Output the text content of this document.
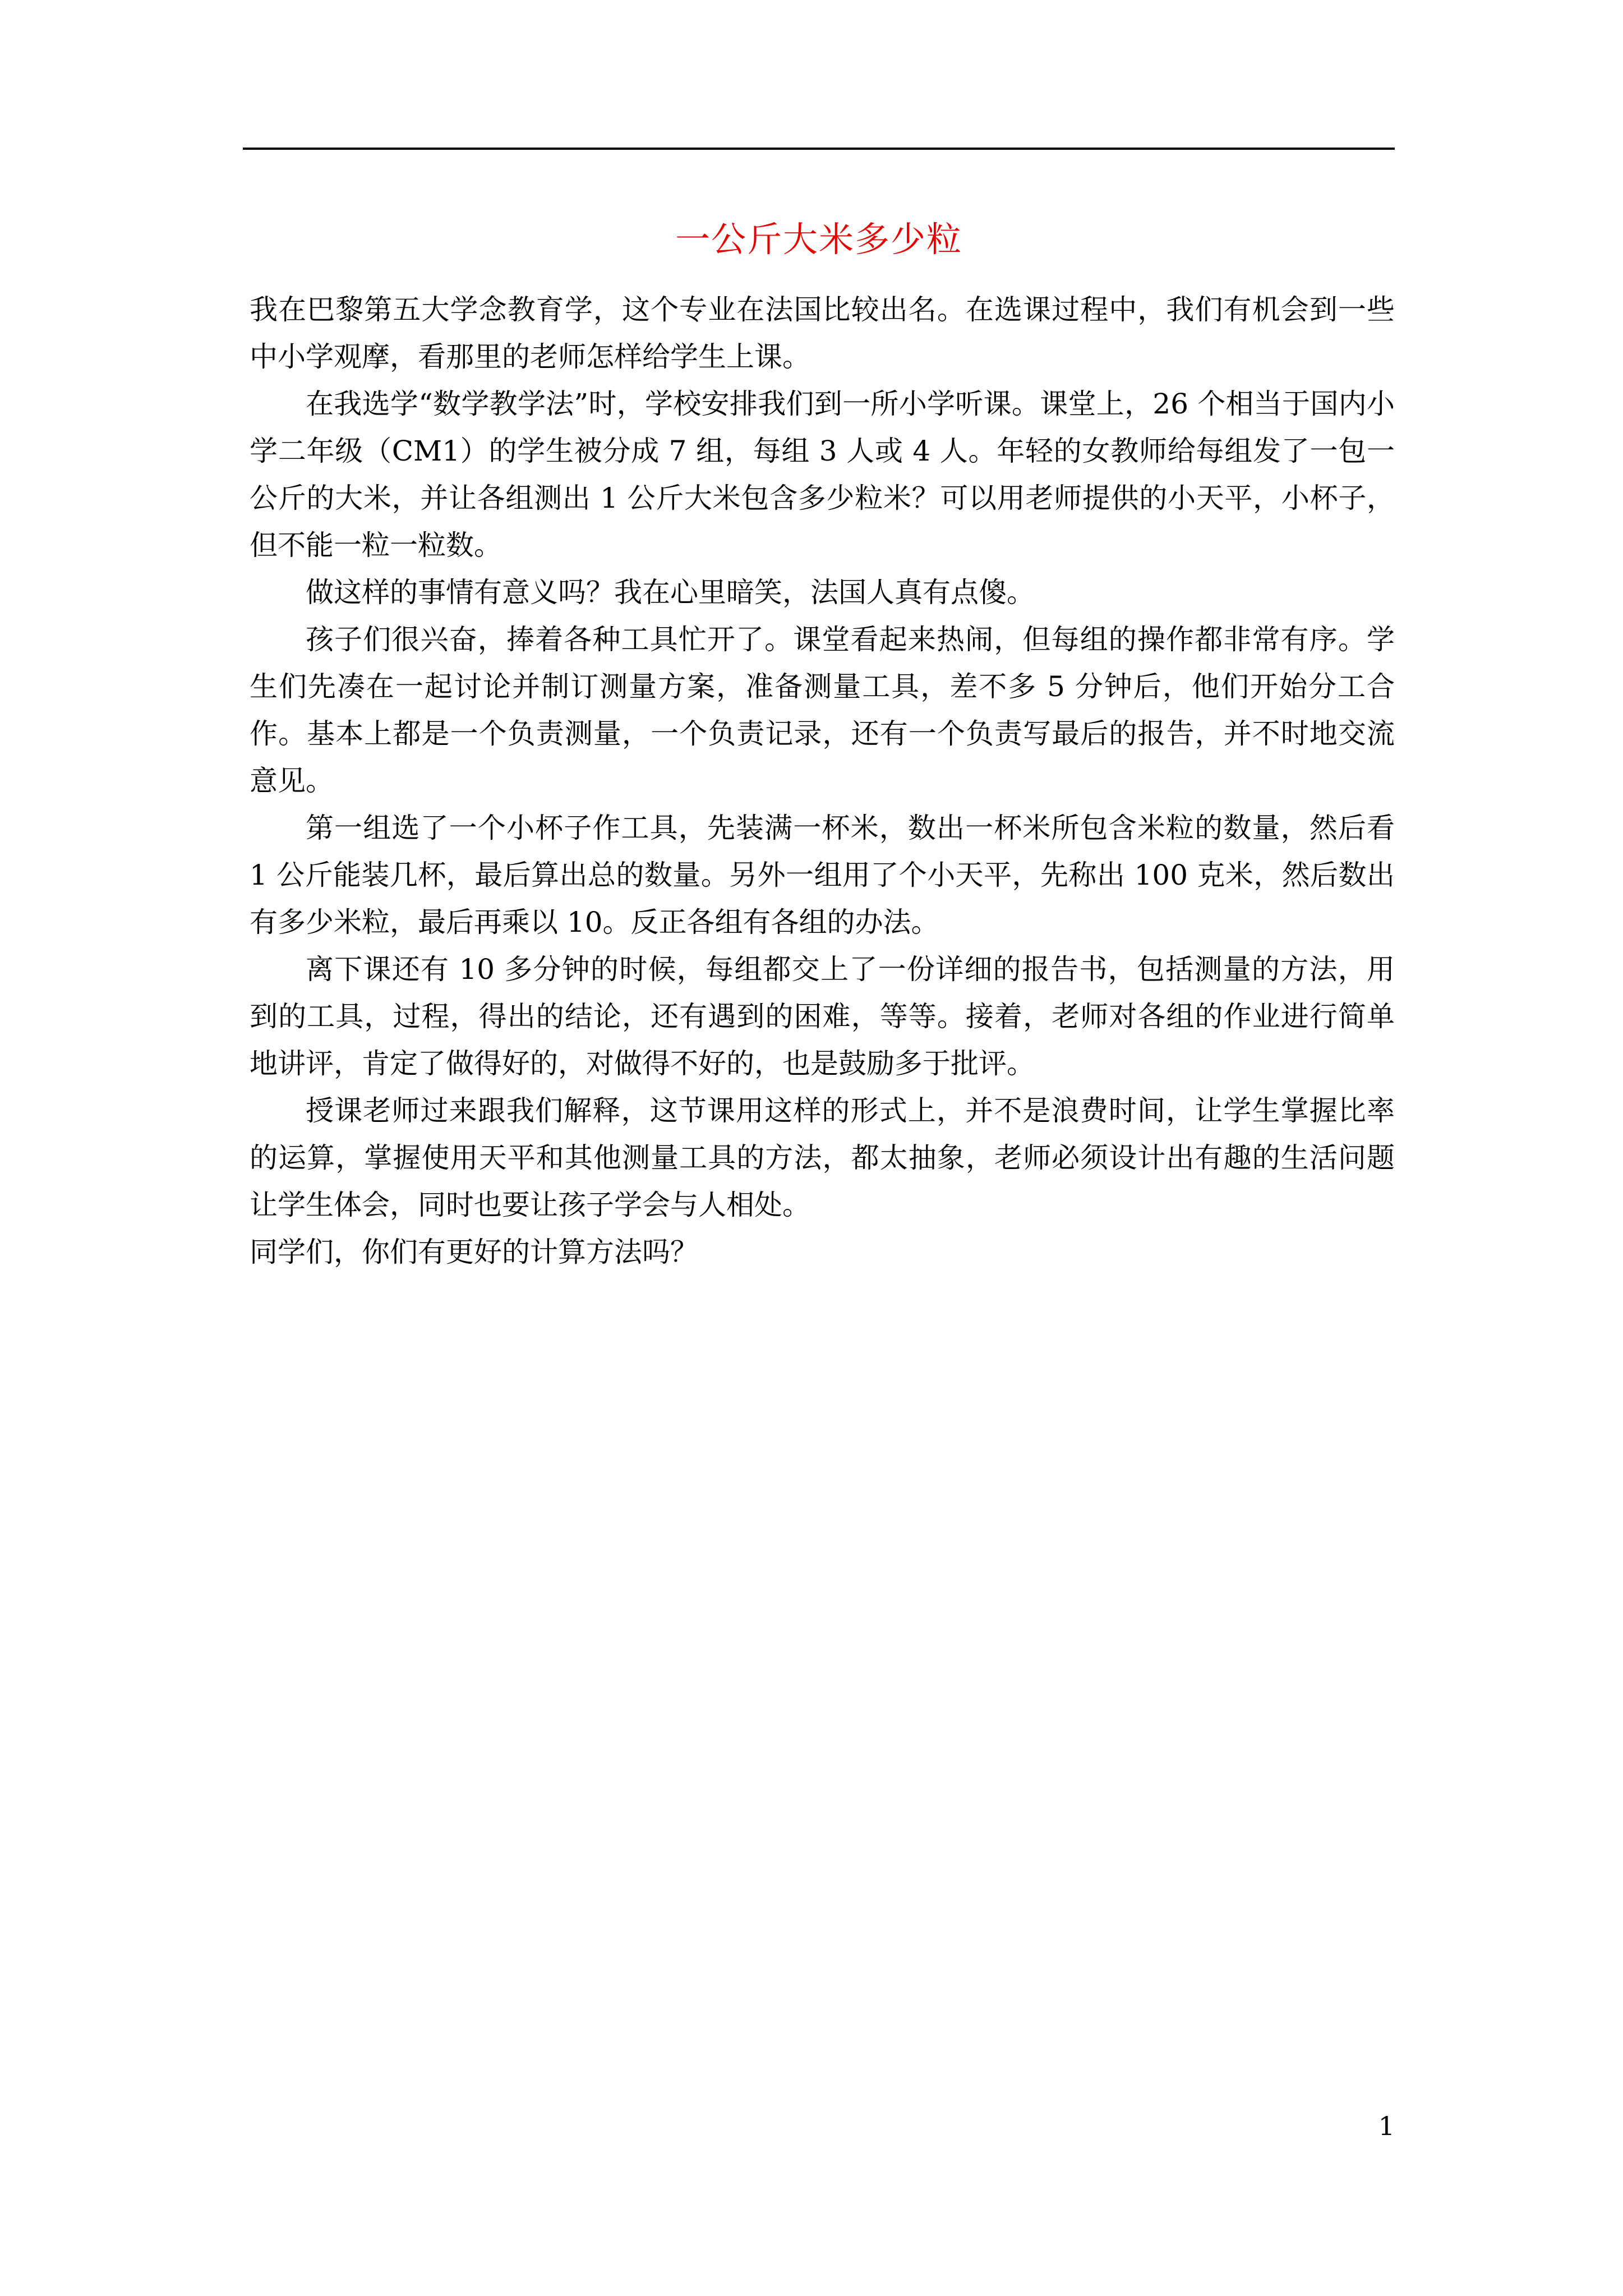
一公斤大米多少粒

我在巴黎第五大学念教育学，这个专业在法国比较出名。在选课过程中，我们有机会到一些中小学观摩，看那里的老师怎样给学生上课。

在我选学“数学教学法”时，学校安排我们到一所小学听课。课堂上，26 个相当于国内小学二年级（CM1）的学生被分成 7 组，每组 3 人或 4 人。年轻的女教师给每组发了一包一公斤的大米，并让各组测出 1 公斤大米包含多少粒米？可以用老师提供的小天平，小杯子，但不能一粒一粒数。

做这样的事情有意义吗？我在心里暗笑，法国人真有点傻。

孩子们很兴奋，捧着各种工具忙开了。课堂看起来热闹，但每组的操作都非常有序。学生们先凑在一起讨论并制订测量方案，准备测量工具，差不多 5 分钟后，他们开始分工合作。基本上都是一个负责测量，一个负责记录，还有一个负责写最后的报告，并不时地交流意见。

第一组选了一个小杯子作工具，先装满一杯米，数出一杯米所包含米粒的数量，然后看 1 公斤能装几杯，最后算出总的数量。另外一组用了个小天平，先称出 100 克米，然后数出有多少米粒，最后再乘以 10。反正各组有各组的办法。

离下课还有 10 多分钟的时候，每组都交上了一份详细的报告书，包括测量的方法，用到的工具，过程，得出的结论，还有遇到的困难，等等。接着，老师对各组的作业进行简单地讲评，肯定了做得好的，对做得不好的，也是鼓励多于批评。

授课老师过来跟我们解释，这节课用这样的形式上，并不是浪费时间，让学生掌握比率的运算，掌握使用天平和其他测量工具的方法，都太抽象，老师必须设计出有趣的生活问题让学生体会，同时也要让孩子学会与人相处。

同学们，你们有更好的计算方法吗？

1
